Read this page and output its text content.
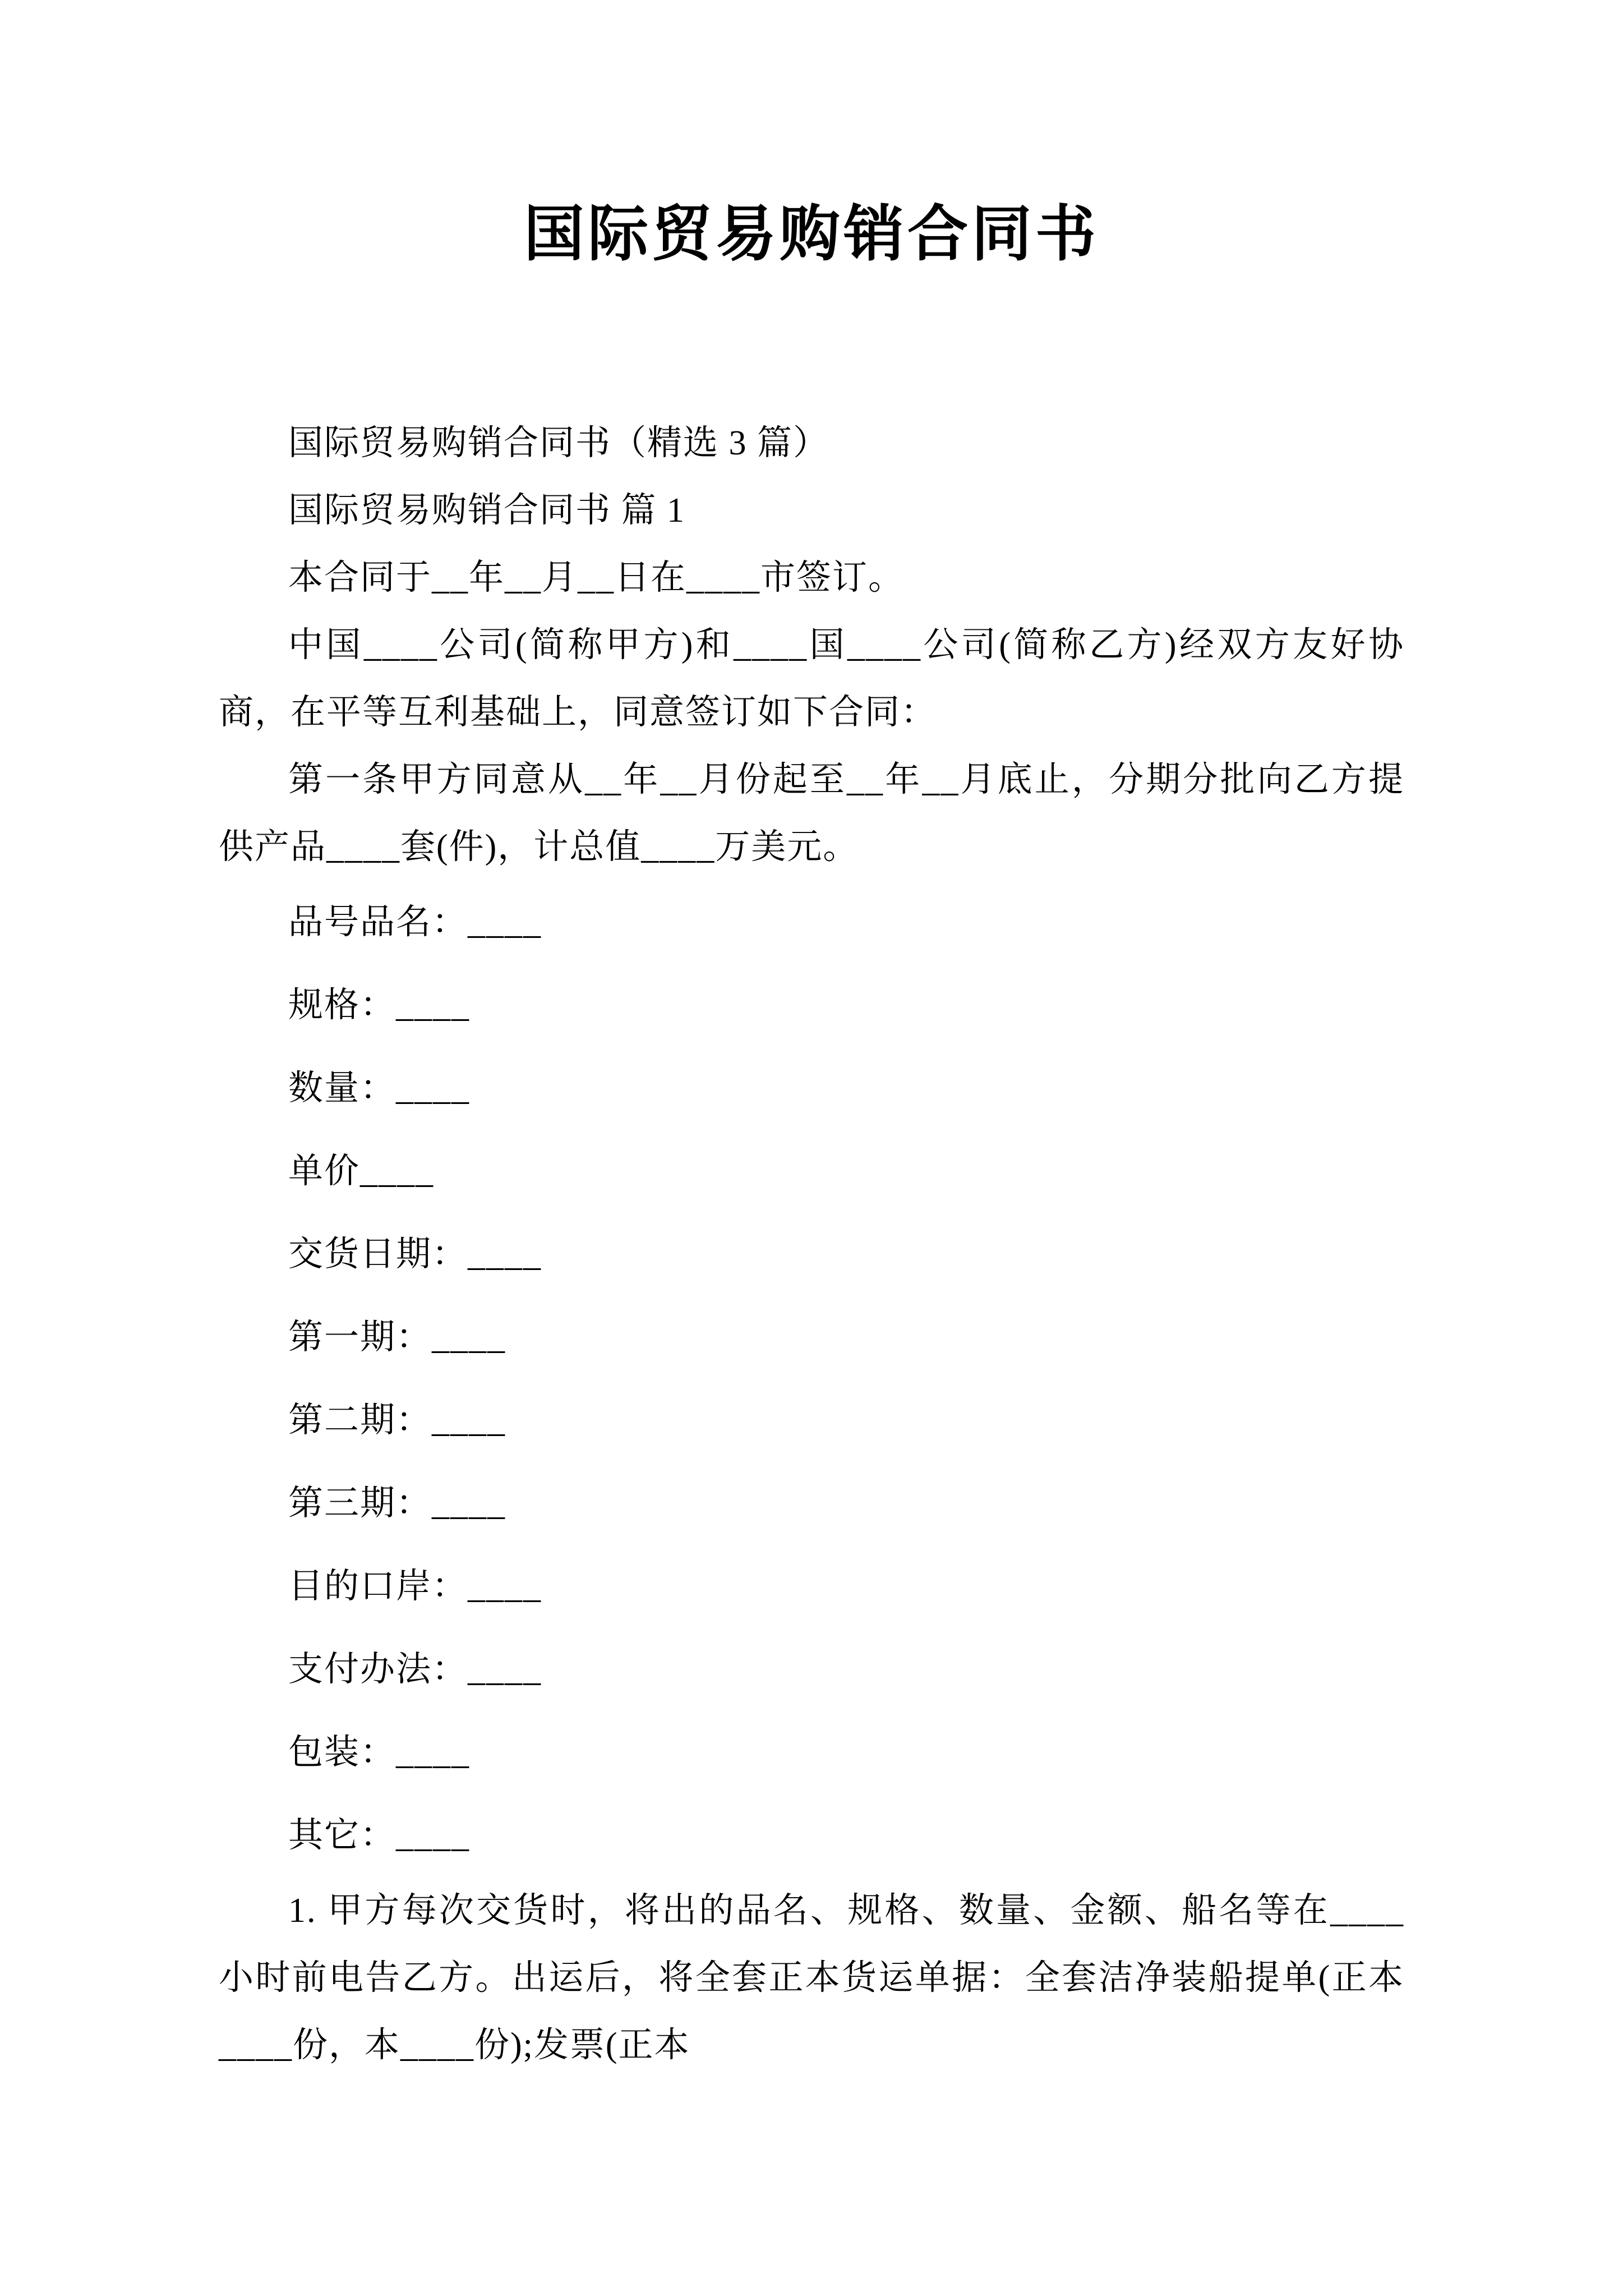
国际贸易购销合同书

国际贸易购销合同书（精选 3 篇）

国际贸易购销合同书 篇 1

本合同于__年__月__日在____市签订。

中国____公司(简称甲方)和____国____公司(简称乙方)经双方友好协商，在平等互利基础上，同意签订如下合同：

第一条甲方同意从__年__月份起至__年__月底止，分期分批向乙方提供产品____套(件)，计总值____万美元。

品号品名：____

规格：____

数量：____

单价____

交货日期：____

第一期：____

第二期：____

第三期：____

目的口岸：____

支付办法：____

包装：____

其它：____

1. 甲方每次交货时，将出的品名、规格、数量、金额、船名等在____小时前电告乙方。出运后，将全套正本货运单据：全套洁净装船提单(正本____份，本____份);发票(正本
